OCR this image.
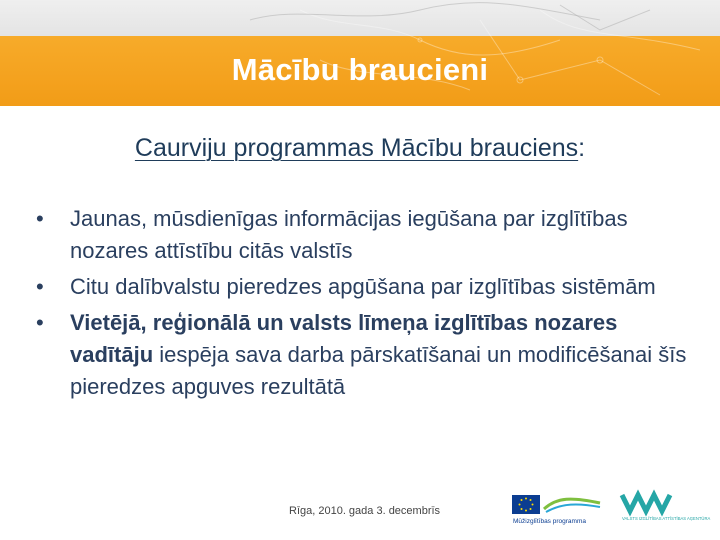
Mācību braucieni
Caurviju programmas Mācību brauciens:
• Jaunas, mūsdienīgas informācijas iegūšana par izglītības nozares attīstību citās valstīs
• Citu dalībvalstu pieredzes apgūšana par izglītības sistēmām
• Vietējā, reģionālā un valsts līmeņa izglītības nozares vadītāju iespēja sava darba pārskatīšanai un modificēšanai šīs pieredzes apguves rezultātā
Rīga, 2010. gada 3. decembrīs
Mūžizglītības programma	VALSTS IZGLĪTĪBAS ATTĪSTĪBAS AĢENTŪRA
